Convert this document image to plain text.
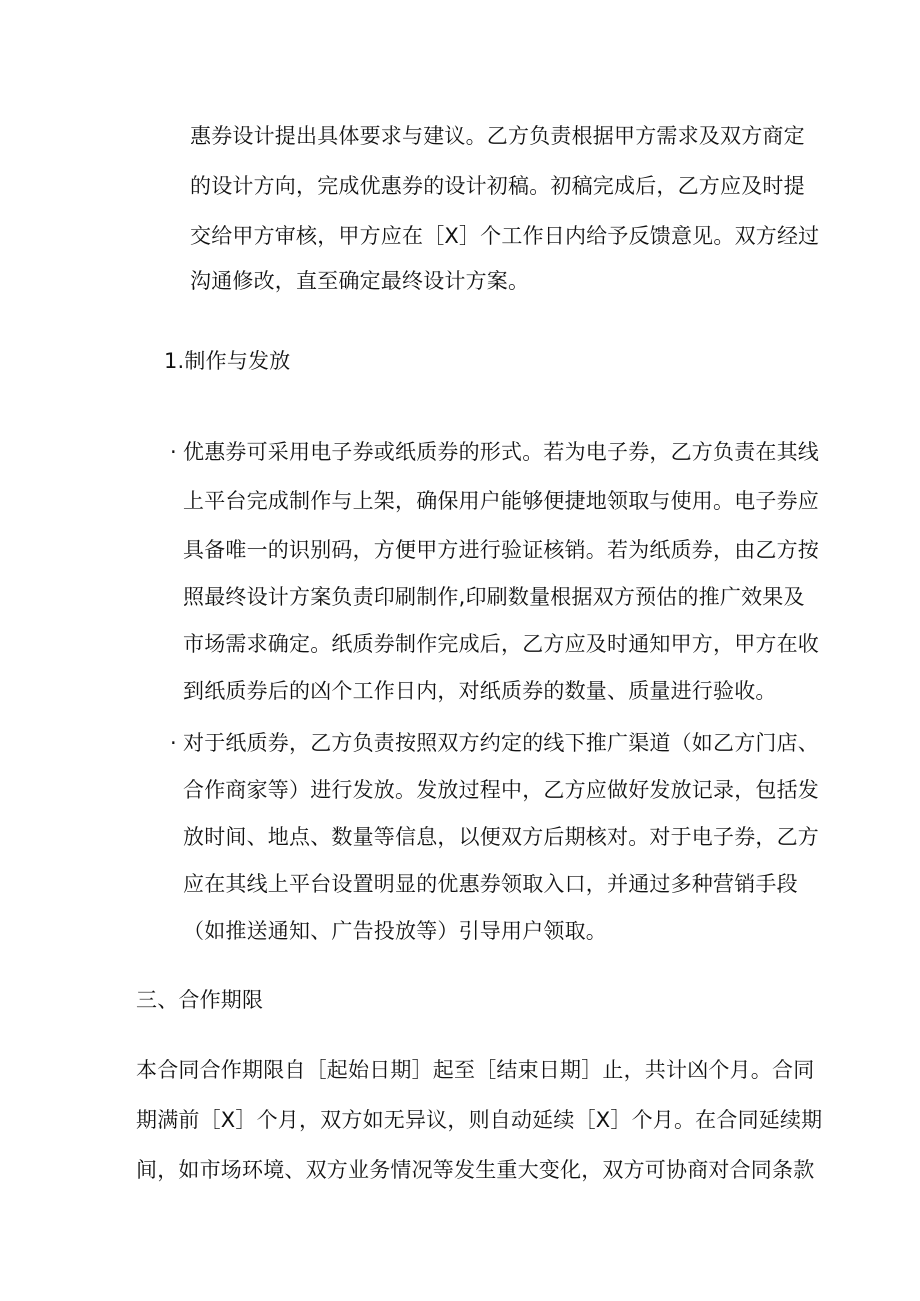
惠券设计提出具体要求与建议。乙方负责根据甲方需求及双方商定
的设计方向，完成优惠券的设计初稿。初稿完成后，乙方应及时提
交给甲方审核，甲方应在［X］个工作日内给予反馈意见。双方经过
沟通修改，直至确定最终设计方案。
1.制作与发放
· 优惠券可采用电子券或纸质券的形式。若为电子券，乙方负责在其线
上平台完成制作与上架，确保用户能够便捷地领取与使用。电子券应
具备唯一的识别码，方便甲方进行验证核销。若为纸质券，由乙方按
照最终设计方案负责印刷制作,印刷数量根据双方预估的推广效果及
市场需求确定。纸质券制作完成后，乙方应及时通知甲方，甲方在收
到纸质券后的凶个工作日内，对纸质券的数量、质量进行验收。
· 对于纸质券，乙方负责按照双方约定的线下推广渠道（如乙方门店、
合作商家等）进行发放。发放过程中，乙方应做好发放记录，包括发
放时间、地点、数量等信息，以便双方后期核对。对于电子券，乙方
应在其线上平台设置明显的优惠券领取入口，并通过多种营销手段
（如推送通知、广告投放等）引导用户领取。
三、合作期限
本合同合作期限自［起始日期］起至［结束日期］止，共计凶个月。合同
期满前［X］个月，双方如无异议，则自动延续［X］个月。在合同延续期
间，如市场环境、双方业务情况等发生重大变化，双方可协商对合同条款
